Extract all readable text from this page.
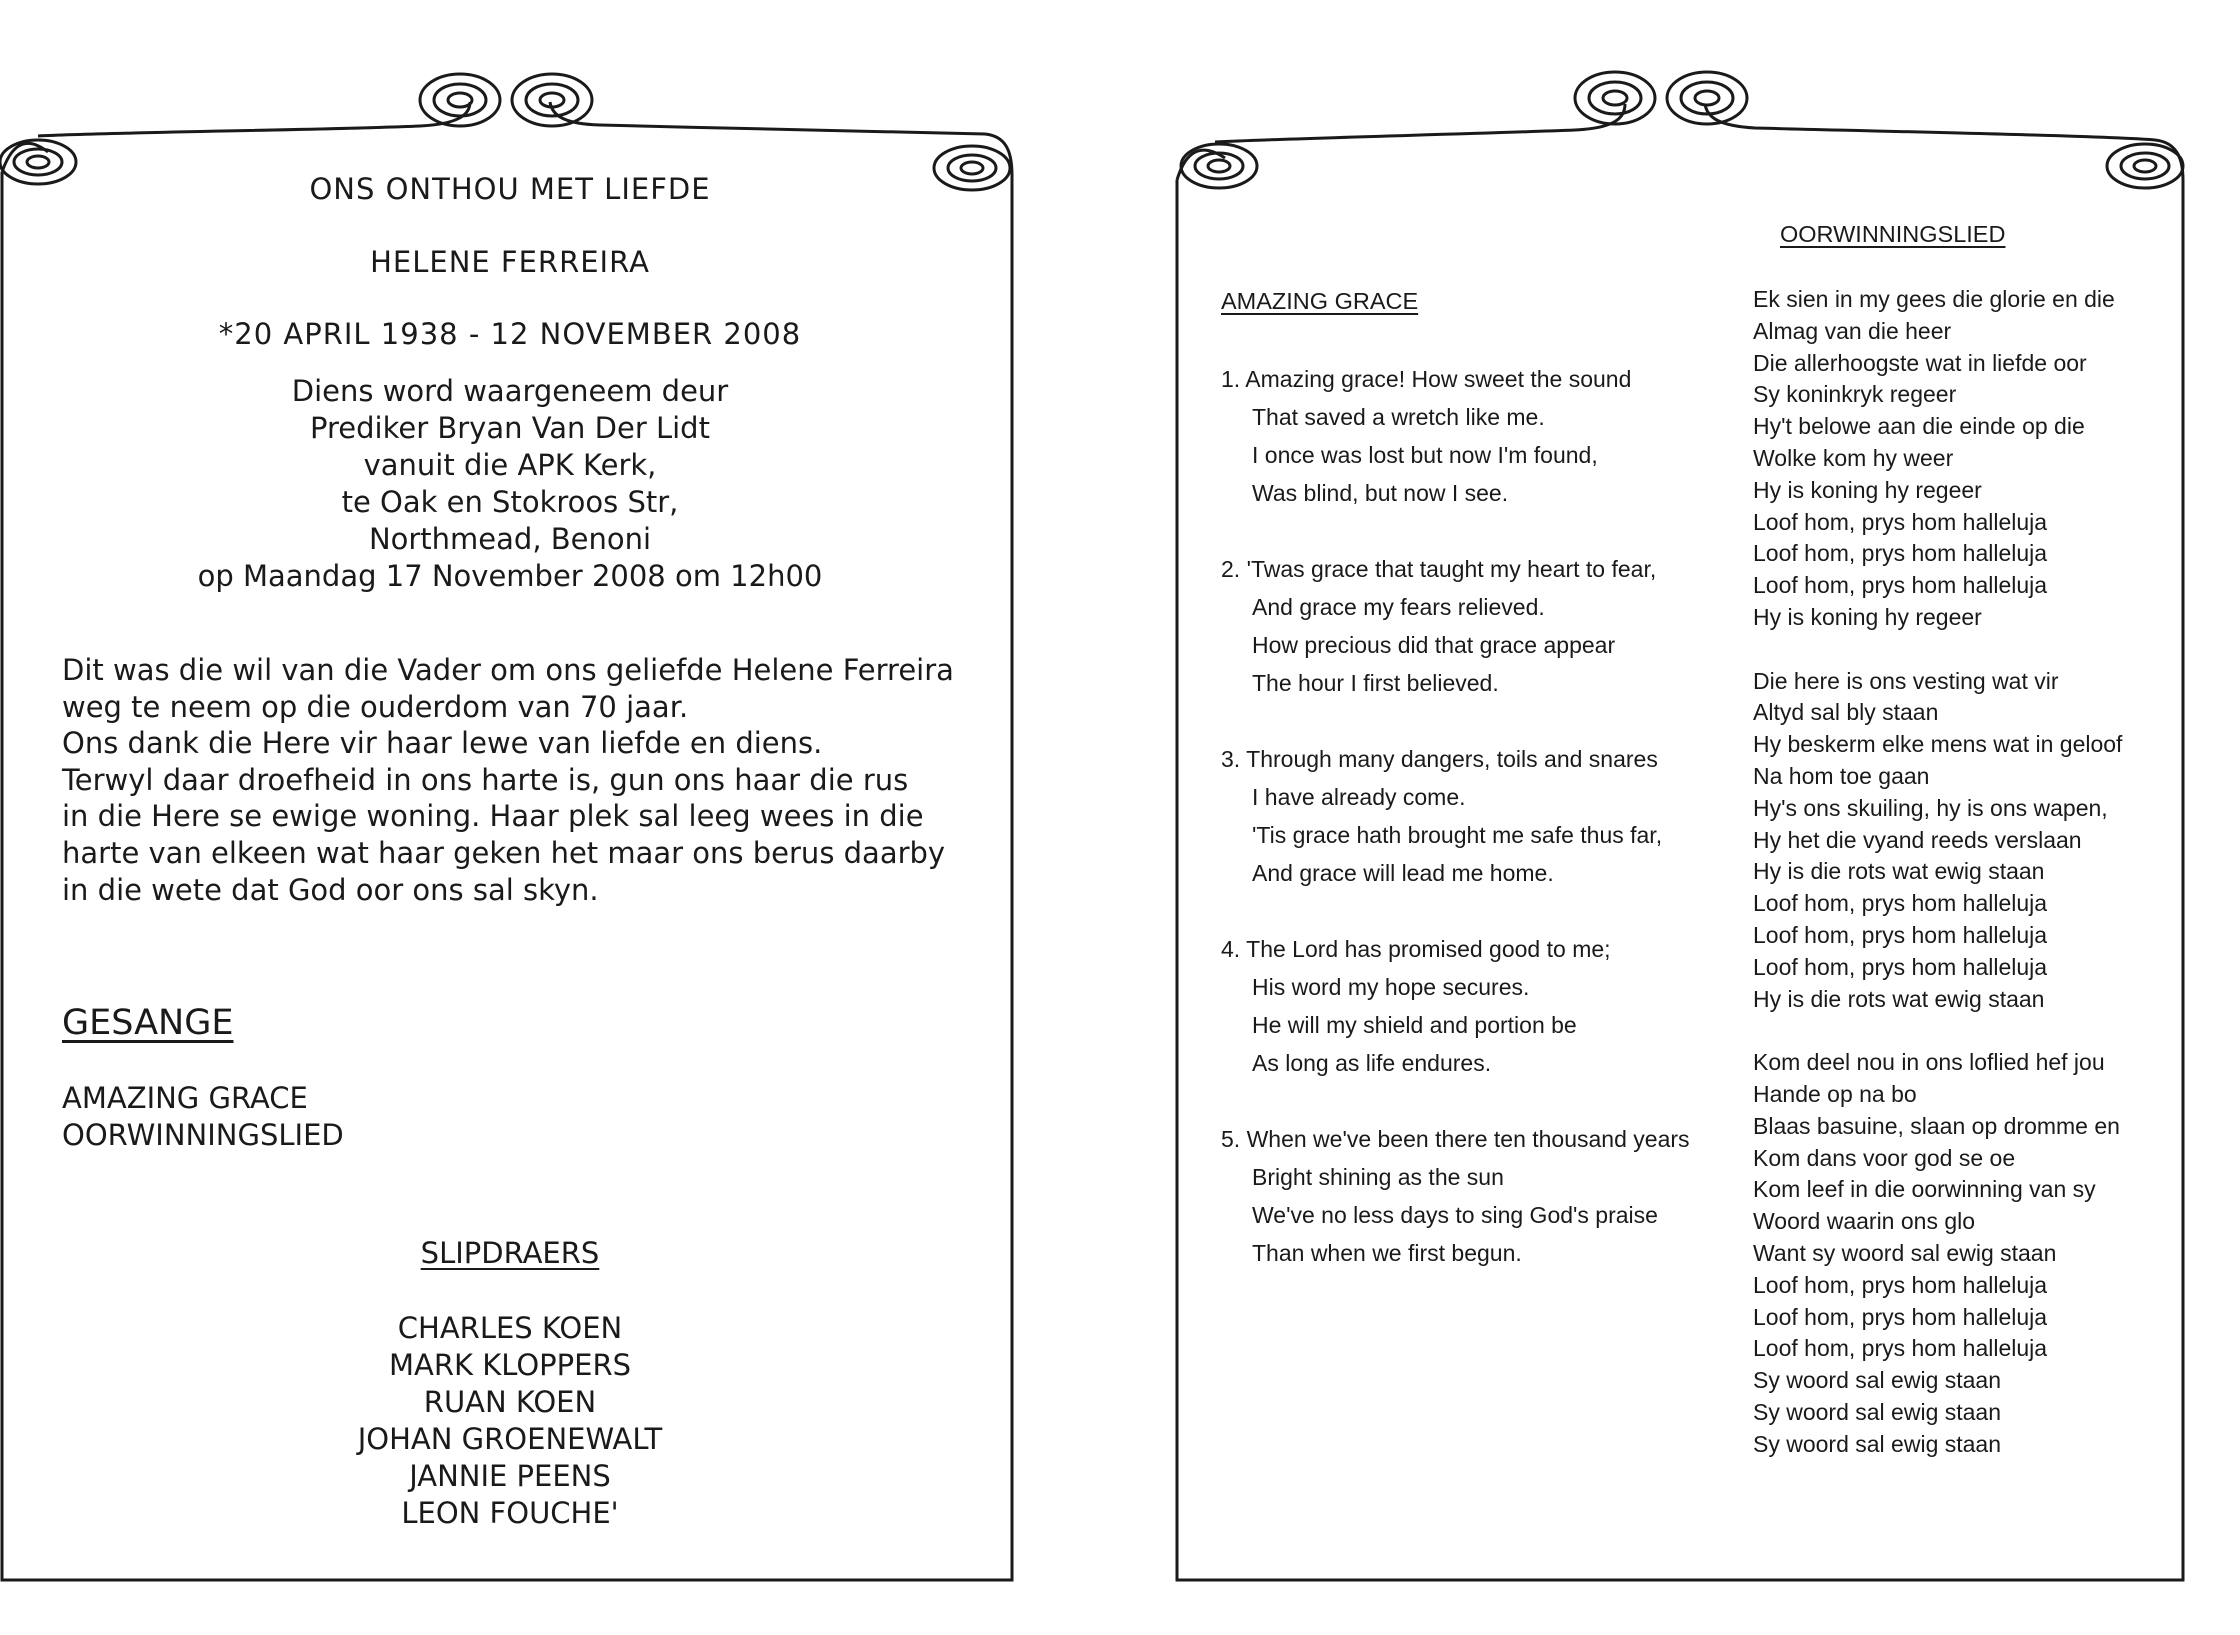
ONS ONTHOU MET LIEFDE
HELENE FERREIRA
*20 APRIL 1938 - 12 NOVEMBER 2008
Diens word waargeneem deur
Prediker Bryan Van Der Lidt
vanuit die APK Kerk,
te Oak en Stokroos Str,
Northmead, Benoni
op Maandag 17 November 2008 om 12h00
Dit was die wil van die Vader om ons geliefde Helene Ferreira
weg te neem op die ouderdom van 70 jaar.
Ons dank die Here vir haar lewe van liefde en diens.
Terwyl daar droefheid in ons harte is, gun ons haar die rus
in die Here se ewige woning. Haar plek sal leeg wees in die
harte van elkeen wat haar geken het maar ons berus daarby
in die wete dat God oor ons sal skyn.
GESANGE
AMAZING GRACE
OORWINNINGSLIED
SLIPDRAERS
CHARLES KOEN
MARK KLOPPERS
RUAN KOEN
JOHAN GROENEWALT
JANNIE PEENS
LEON FOUCHE'
OORWINNINGSLIED
AMAZING GRACE
1. Amazing grace! How sweet the sound
That saved a wretch like me.
I once was lost but now I'm found,
Was blind, but now I see.
2. 'Twas grace that taught my heart to fear,
And grace my fears relieved.
How precious did that grace appear
The hour I first believed.
3. Through many dangers, toils and snares
I have already come.
'Tis grace hath brought me safe thus far,
And grace will lead me home.
4. The Lord has promised good to me;
His word my hope secures.
He will my shield and portion be
As long as life endures.
5. When we've been there ten thousand years
Bright shining as the sun
We've no less days to sing God's praise
Than when we first begun.
Ek sien in my gees die glorie en die
Almag van die heer
Die allerhoogste wat in liefde oor
Sy koninkryk regeer
Hy't belowe aan die einde op die
Wolke kom hy weer
Hy is koning hy regeer
Loof hom, prys hom halleluja
Loof hom, prys hom halleluja
Loof hom, prys hom halleluja
Hy is koning hy regeer
Die here is ons vesting wat vir
Altyd sal bly staan
Hy beskerm elke mens wat in geloof
Na hom toe gaan
Hy's ons skuiling, hy is ons wapen,
Hy het die vyand reeds verslaan
Hy is die rots wat ewig staan
Loof hom, prys hom halleluja
Loof hom, prys hom halleluja
Loof hom, prys hom halleluja
Hy is die rots wat ewig staan
Kom deel nou in ons loflied hef jou
Hande op na bo
Blaas basuine, slaan op dromme en
Kom dans voor god se oe
Kom leef in die oorwinning van sy
Woord waarin ons glo
Want sy woord sal ewig staan
Loof hom, prys hom halleluja
Loof hom, prys hom halleluja
Loof hom, prys hom halleluja
Sy woord sal ewig staan
Sy woord sal ewig staan
Sy woord sal ewig staan
